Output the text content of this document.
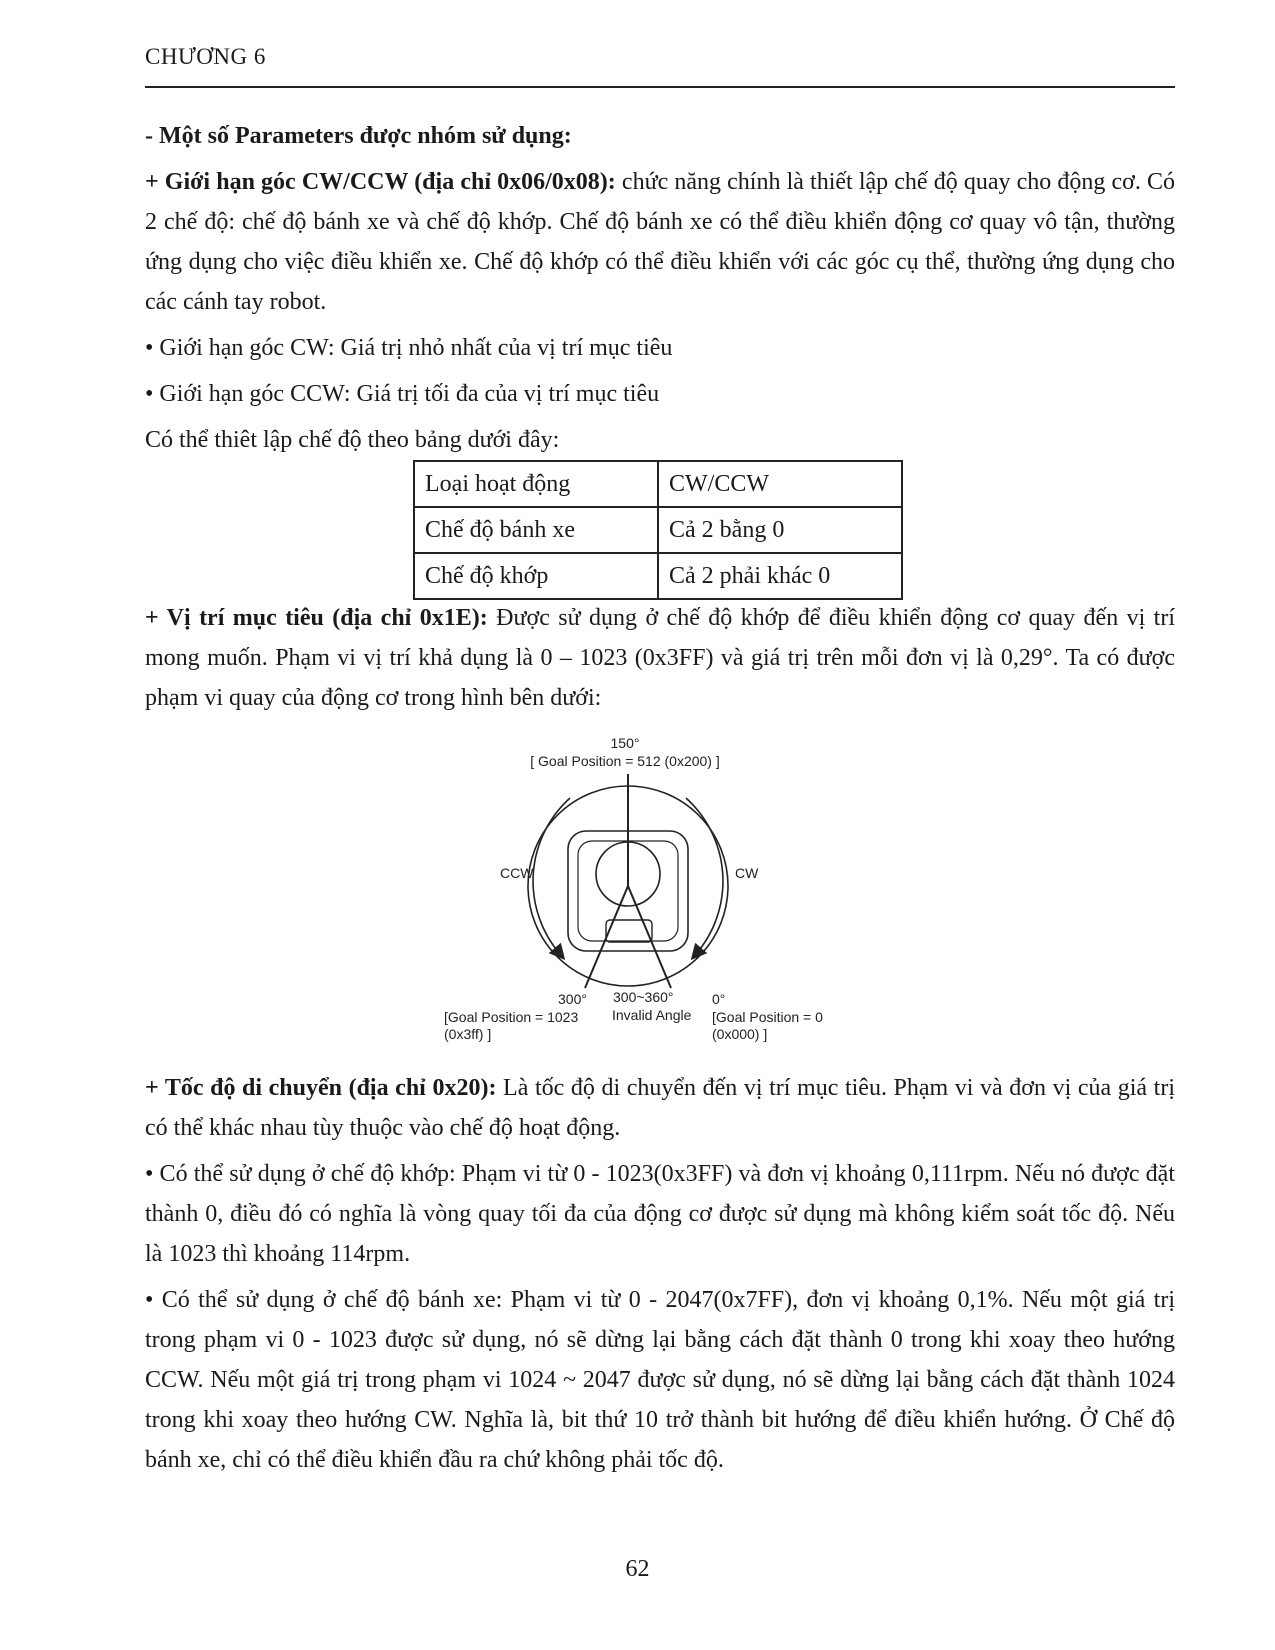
CHƯƠNG 6

- Một số Parameters được nhóm sử dụng:

+ Giới hạn góc CW/CCW (địa chỉ 0x06/0x08): chức năng chính là thiết lập chế độ quay cho động cơ. Có 2 chế độ: chế độ bánh xe và chế độ khớp. Chế độ bánh xe có thể điều khiển động cơ quay vô tận, thường ứng dụng cho việc điều khiển xe. Chế độ khớp có thể điều khiển với các góc cụ thể, thường ứng dụng cho các cánh tay robot.

• Giới hạn góc CW: Giá trị nhỏ nhất của vị trí mục tiêu

• Giới hạn góc CCW: Giá trị tối đa của vị trí mục tiêu

Có thể thiêt lập chế độ theo bảng dưới đây:

Loại hoạt động	CW/CCW
Chế độ bánh xe	Cả 2 bằng 0
Chế độ khớp	Cả 2 phải khác 0

+ Vị trí mục tiêu (địa chỉ 0x1E): Được sử dụng ở chế độ khớp để điều khiển động cơ quay đến vị trí mong muốn. Phạm vi vị trí khả dụng là 0 – 1023 (0x3FF) và giá trị trên mỗi đơn vị là 0,29°. Ta có được phạm vi quay của động cơ trong hình bên dưới:

150°
[ Goal Position = 512 (0x200) ]
CCW	CW
300°
[Goal Position = 1023
(0x3ff) ]
300~360°
Invalid Angle
0°
[Goal Position = 0
(0x000) ]

+ Tốc độ di chuyển (địa chỉ 0x20): Là tốc độ di chuyển đến vị trí mục tiêu. Phạm vi và đơn vị của giá trị có thể khác nhau tùy thuộc vào chế độ hoạt động.

• Có thể sử dụng ở chế độ khớp: Phạm vi từ 0 - 1023(0x3FF) và đơn vị khoảng 0,111rpm. Nếu nó được đặt thành 0, điều đó có nghĩa là vòng quay tối đa của động cơ được sử dụng mà không kiểm soát tốc độ. Nếu là 1023 thì khoảng 114rpm.

• Có thể sử dụng ở chế độ bánh xe: Phạm vi từ 0 - 2047(0x7FF), đơn vị khoảng 0,1%. Nếu một giá trị trong phạm vi 0 - 1023 được sử dụng, nó sẽ dừng lại bằng cách đặt thành 0 trong khi xoay theo hướng CCW. Nếu một giá trị trong phạm vi 1024 ~ 2047 được sử dụng, nó sẽ dừng lại bằng cách đặt thành 1024 trong khi xoay theo hướng CW. Nghĩa là, bit thứ 10 trở thành bit hướng để điều khiển hướng. Ở Chế độ bánh xe, chỉ có thể điều khiển đầu ra chứ không phải tốc độ.

62
